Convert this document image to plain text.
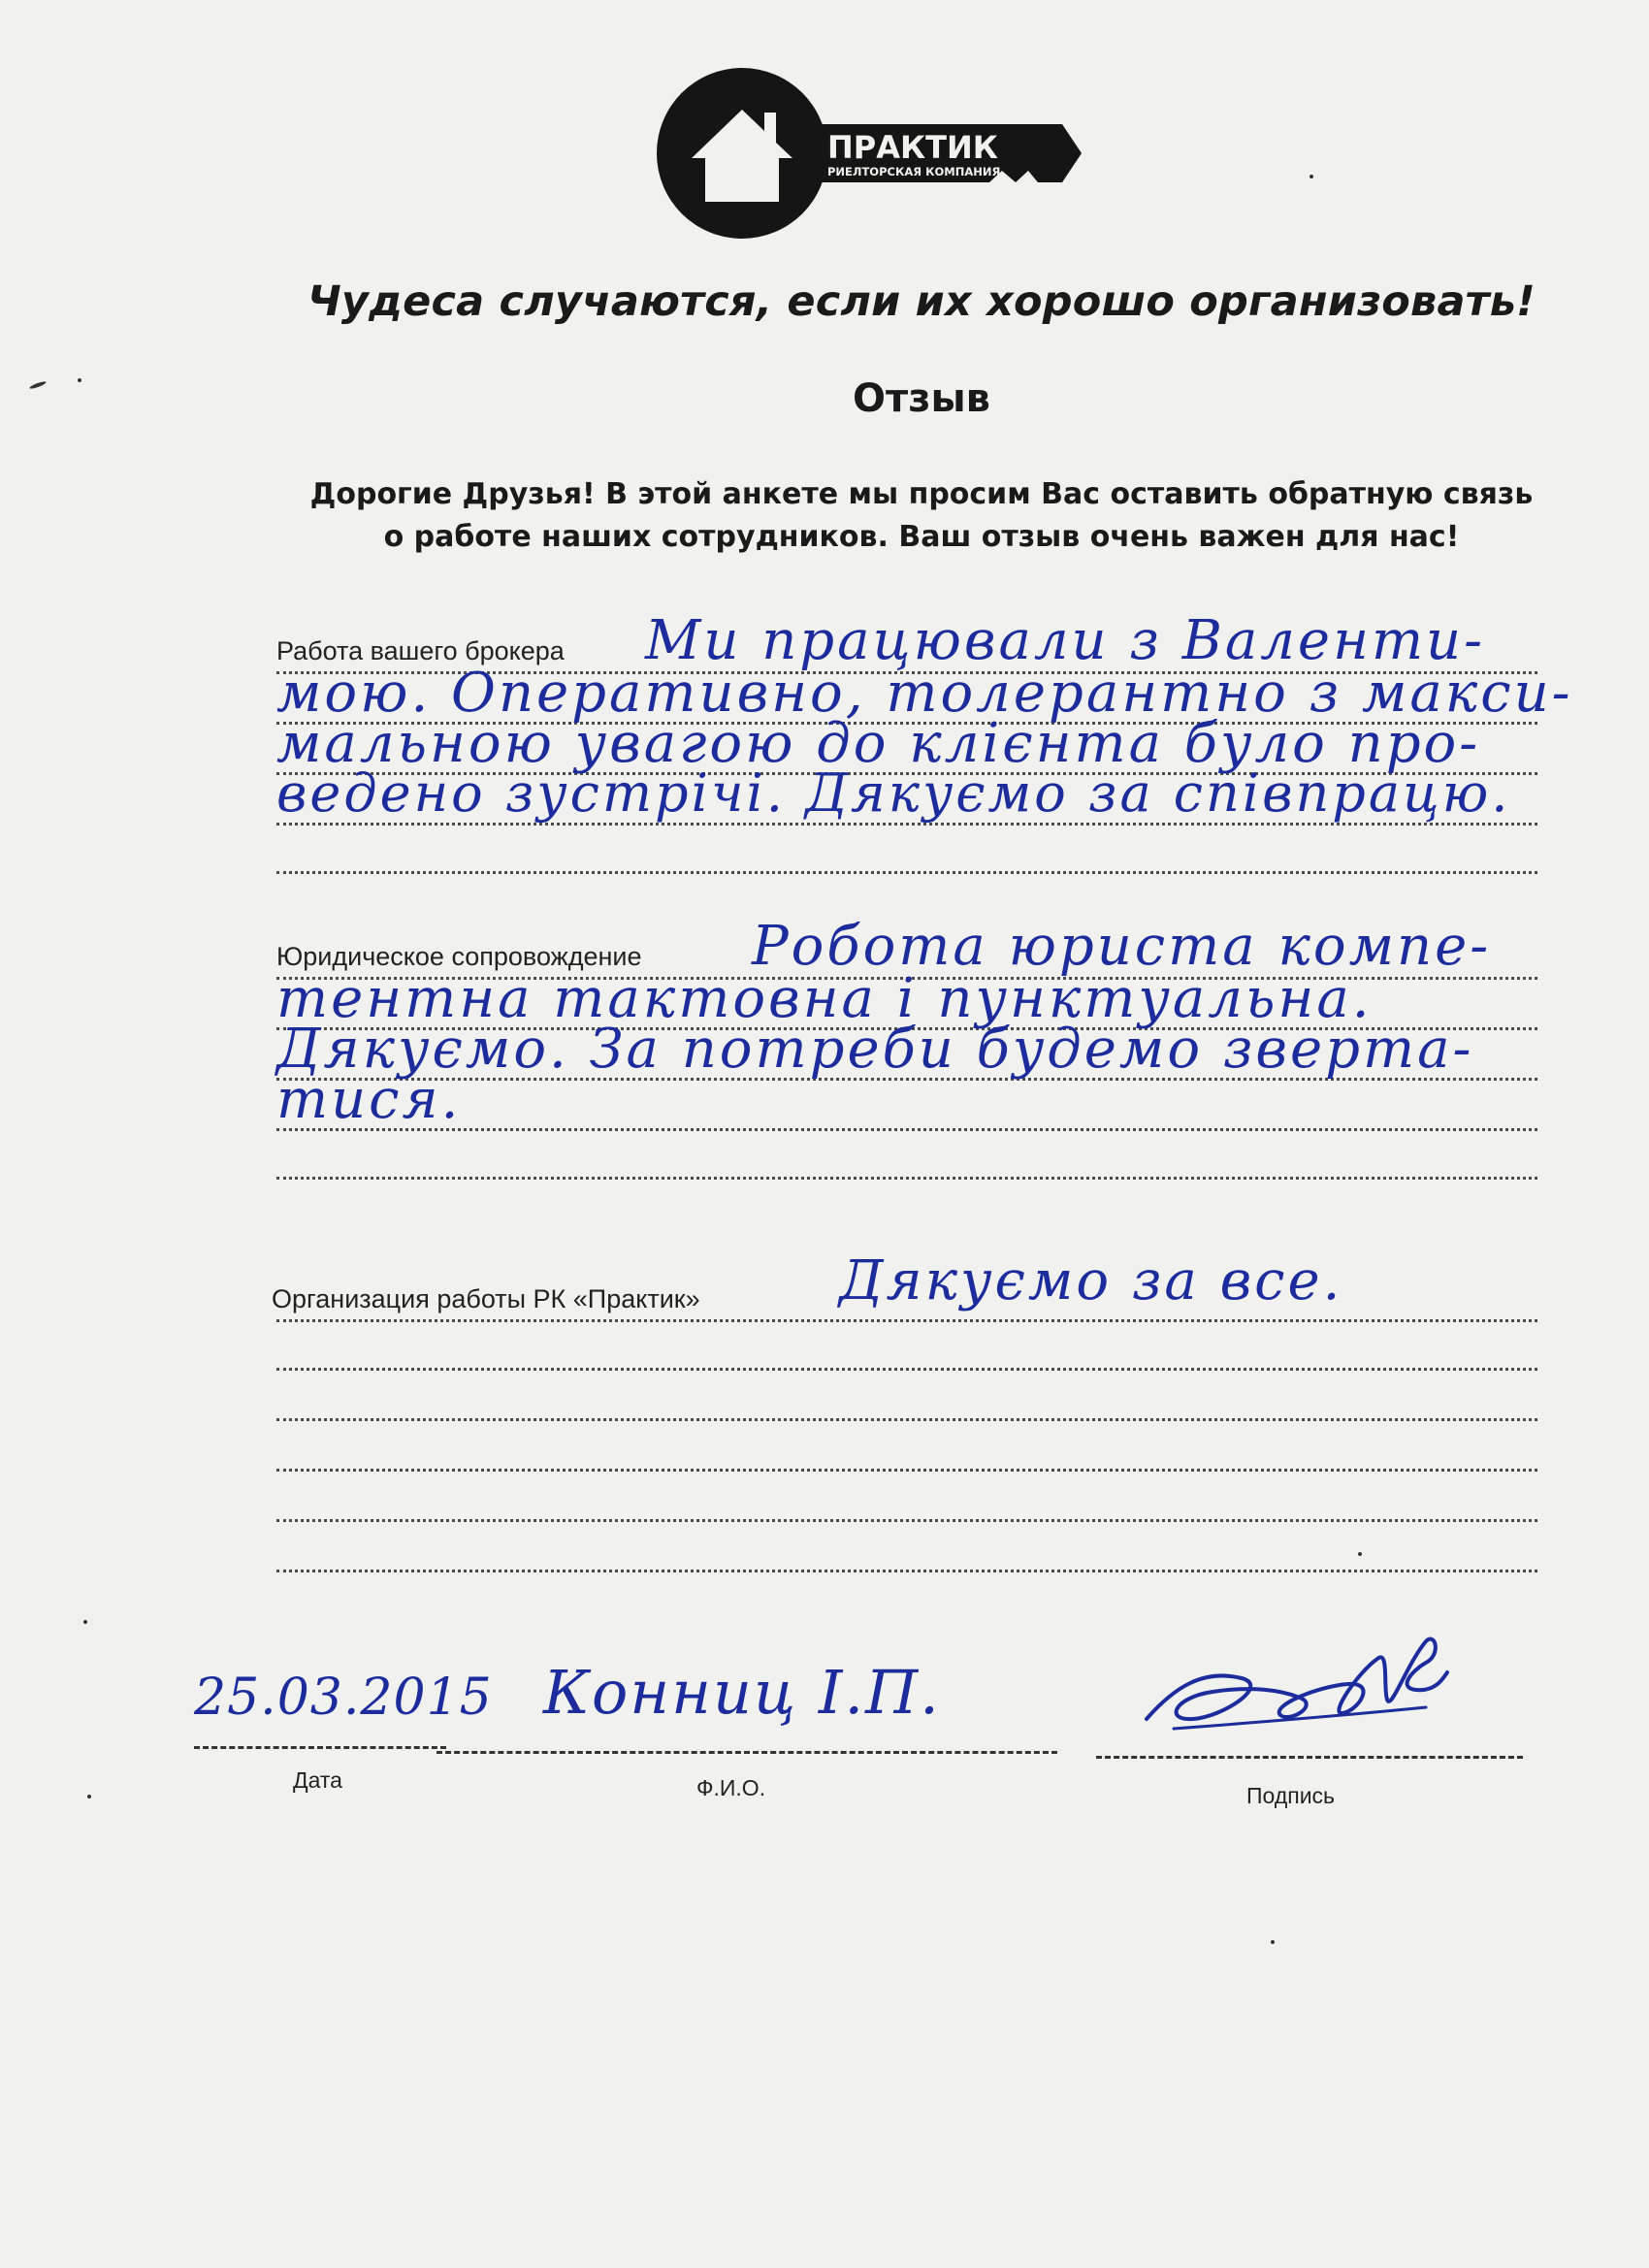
ПРАКТИК
РИЕЛТОРСКАЯ КОМПАНИЯ
Чудеса случаются, если их хорошо организовать!
Отзыв
Дорогие Друзья! В этой анкете мы просим Вас оставить обратную связь
о работе наших сотрудников. Ваш отзыв очень важен для нас!
Работа вашего брокера Ми працювали з Валенти-
мою. Оперативно, толерантно з макси-
мальною увагою до клієнта було про-
ведено зустрічі. Дякуємо за співпрацю.
Юридическое сопровождение Робота юриста компе-
тентна тактовна і пунктуальна.
Дякуємо. За потреби будемо зверта-
тися.
Организация работы РК «Практик»	Дякуємо за все.
25.03.2015
Дата
Конниц І.П.
Ф.И.О.	Подпись
